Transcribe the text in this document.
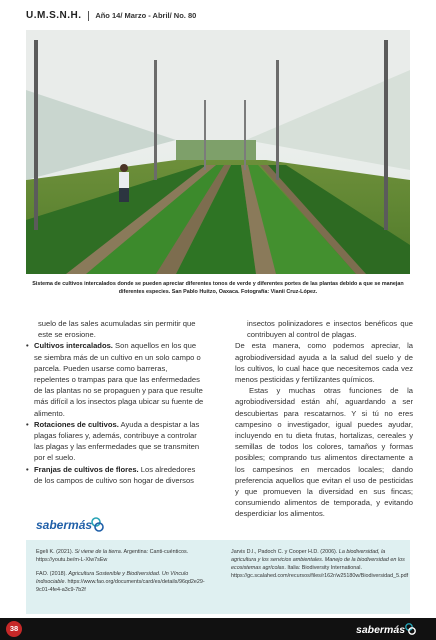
U.M.S.N.H. Año 14/ Marzo - Abril/ No. 80
Sistema de cultivos intercalados donde se pueden apreciar diferentes tonos de verde y diferentes portes de las plantas debido a que se manejan diferentes especies. San Pablo Huitzo, Oaxaca. Fotografía: Vianii Cruz-López.

suelo de las sales acumuladas sin permitir que este se erosione.

• Cultivos intercalados. Son aquellos en los que se siembra más de un cultivo en un solo campo o parcela. Pueden usarse como barreras, repelentes o trampas para que las enfermedades de las plantas no se propaguen y para que resulte más difícil a los insectos plaga ubicar su fuente de alimento.
• Rotaciones de cultivos. Ayuda a despistar a las plagas foliares y, además, contribuye a controlar las plagas y las enfermedades que se transmiten por el suelo.
• Franjas de cultivos de flores. Los alrededores de los campos de cultivo son hogar de diversos

insectos polinizadores e insectos benéficos que contribuyen al control de plagas.

De esta manera, como podemos apreciar, la agrobiodiversidad ayuda a la salud del suelo y de los cultivos, lo cual hace que necesitemos cada vez menos pesticidas y fertilizantes químicos.

Estas y muchas otras funciones de la agrobiodiversidad están ahí, aguardando a ser descubiertas para rescatarnos. Y si tú no eres campesino o investigador, igual puedes ayudar, incluyendo en tu dieta frutas, hortalizas, cereales y semillas de todos los colores, tamaños y formas posibles; comprando tus alimentos directamente a los campesinos en mercados locales; dando preferencia aquellos que evitan el uso de pesticidas y que promueven la diversidad en sus fincas; consumiendo alimentos de temporada, y evitando desperdiciar los alimentos.

sabermás

Egeli K. (2021). Si viene de la tierra. Argentina: Canti-cuénticos. https://youtu.be/m-L-Xlw7sEw

FAO. (2018). Agricultura Sostenible y Biodiversidad. Un Vínculo Indisociable. https://www.fao.org/documents/card/es/details/96qd2e29-9c01-4fe4-a3c9-7b2f

Jarvis D.I., Padoch C. y Cooper H.D. (2006). La biodiversidad, la agricultura y los servicios ambientales. Manejo de la biodiversidad en los ecosistemas agrícolas. Italia: Biodiversity International. https://gc.scalahed.com/recursos/files/r162r/w25180w/Biodiversidad_5.pdf

38	sabermás
